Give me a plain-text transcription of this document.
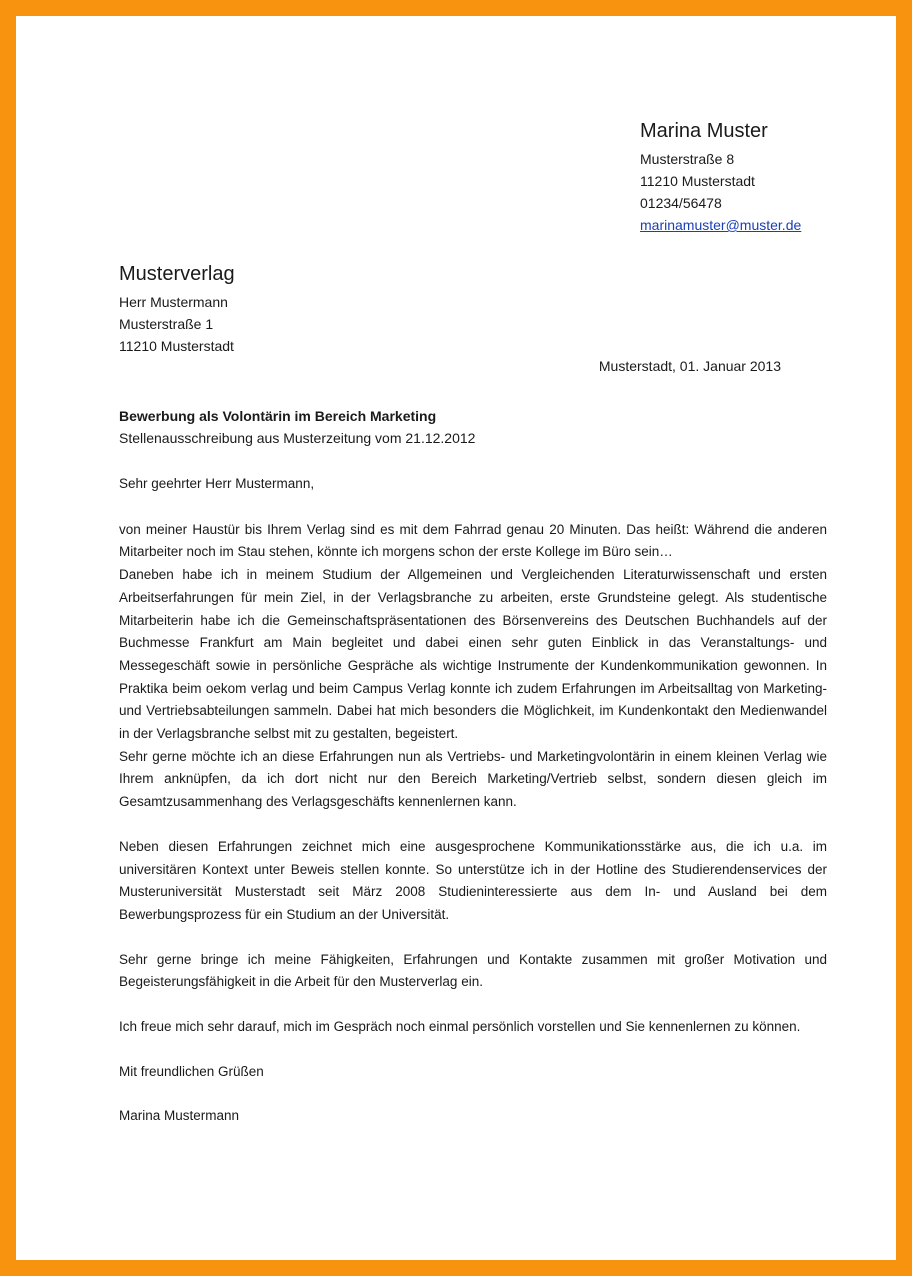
Marina Muster
Musterstraße 8
11210 Musterstadt
01234/56478
marinamuster@muster.de
Musterverlag
Herr Mustermann
Musterstraße 1
11210 Musterstadt
Musterstadt, 01. Januar 2013
Bewerbung als Volontärin im Bereich Marketing
Stellenausschreibung aus Musterzeitung vom 21.12.2012

Sehr geehrter Herr Mustermann,

von meiner Haustür bis Ihrem Verlag sind es mit dem Fahrrad genau 20 Minuten. Das heißt: Während die anderen Mitarbeiter noch im Stau stehen, könnte ich morgens schon der erste Kollege im Büro sein…

Daneben habe ich in meinem Studium der Allgemeinen und Vergleichenden Literaturwissenschaft und ersten Arbeitserfahrungen für mein Ziel, in der Verlagsbranche zu arbeiten, erste Grundsteine gelegt. Als studentische Mitarbeiterin habe ich die Gemeinschaftspräsentationen des Börsenvereins des Deutschen Buchhandels auf der Buchmesse Frankfurt am Main begleitet und dabei einen sehr guten Einblick in das Veranstaltungs- und Messegeschäft sowie in persönliche Gespräche als wichtige Instrumente der Kundenkommunikation gewonnen. In Praktika beim oekom verlag und beim Campus Verlag konnte ich zudem Erfahrungen im Arbeitsalltag von Marketing- und Vertriebsabteilungen sammeln. Dabei hat mich besonders die Möglichkeit, im Kundenkontakt den Medienwandel in der Verlagsbranche selbst mit zu gestalten, begeistert.

Sehr gerne möchte ich an diese Erfahrungen nun als Vertriebs- und Marketingvolontärin in einem kleinen Verlag wie Ihrem anknüpfen, da ich dort nicht nur den Bereich Marketing/Vertrieb selbst, sondern diesen gleich im Gesamtzusammenhang des Verlagsgeschäfts kennenlernen kann.

Neben diesen Erfahrungen zeichnet mich eine ausgesprochene Kommunikationsstärke aus, die ich u.a. im universitären Kontext unter Beweis stellen konnte. So unterstütze ich in der Hotline des Studierendenservices der Musteruniversität Musterstadt seit März 2008 Studieninteressierte aus dem In- und Ausland bei dem Bewerbungsprozess für ein Studium an der Universität.

Sehr gerne bringe ich meine Fähigkeiten, Erfahrungen und Kontakte zusammen mit großer Motivation und Begeisterungsfähigkeit in die Arbeit für den Musterverlag ein.

Ich freue mich sehr darauf, mich im Gespräch noch einmal persönlich vorstellen und Sie kennenlernen zu können.

Mit freundlichen Grüßen

Marina Mustermann
